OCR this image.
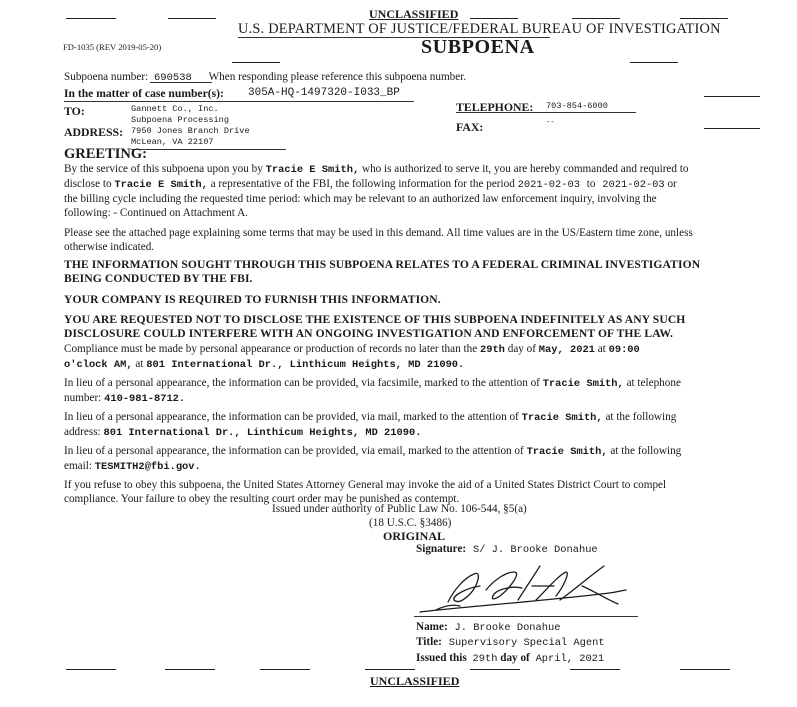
UNCLASSIFIED
U.S. DEPARTMENT OF JUSTICE/FEDERAL BUREAU OF INVESTIGATION
FD-1035 (REV 2019-05-20)	SUBPOENA
Subpoena number: 690538 When responding please reference this subpoena number.
In the matter of case number(s): 305A-HQ-1497320-I033_BP
TO:
ADDRESS:
Gannett Co., Inc.
Subpoena Processing
7950 Jones Branch Drive
McLean, VA 22107
TELEPHONE: 703-854-6000
FAX:	--
GREETING:
By the service of this subpoena upon you by Tracie E Smith, who is authorized to serve it, you are hereby commanded and required to
disclose to Tracie E Smith, a representative of the FBI, the following information for the period 2021-02-03 to 2021-02-03 or
the billing cycle including the requested time period: which may be relevant to an authorized law enforcement inquiry, involving the
following: - Continued on Attachment A.
Please see the attached page explaining some terms that may be used in this demand. All time values are in the US/Eastern time zone, unless
otherwise indicated.
THE INFORMATION SOUGHT THROUGH THIS SUBPOENA RELATES TO A FEDERAL CRIMINAL INVESTIGATION
BEING CONDUCTED BY THE FBI.
YOUR COMPANY IS REQUIRED TO FURNISH THIS INFORMATION.
YOU ARE REQUESTED NOT TO DISCLOSE THE EXISTENCE OF THIS SUBPOENA INDEFINITELY AS ANY SUCH
DISCLOSURE COULD INTERFERE WITH AN ONGOING INVESTIGATION AND ENFORCEMENT OF THE LAW.
Compliance must be made by personal appearance or production of records no later than the 29th day of May, 2021 at 09:00
o'clock AM, at 801 International Dr., Linthicum Heights, MD 21090.
In lieu of a personal appearance, the information can be provided, via facsimile, marked to the attention of Tracie Smith, at telephone
number: 410-981-8712.
In lieu of a personal appearance, the information can be provided, via mail, marked to the attention of Tracie Smith, at the following
address: 801 International Dr., Linthicum Heights, MD 21090.
In lieu of a personal appearance, the information can be provided, via email, marked to the attention of Tracie Smith, at the following
email: TESMITH2@fbi.gov.
If you refuse to obey this subpoena, the United States Attorney General may invoke the aid of a United States District Court to compel
compliance. Your failure to obey the resulting court order may be punished as contempt.
Issued under authority of Public Law No. 106-544, §5(a)
(18 U.S.C. §3486)
ORIGINAL
Signature: S/ J. Brooke Donahue
Name: J. Brooke Donahue
Title: Supervisory Special Agent
Issued this 29th day of April, 2021
UNCLASSIFIED
